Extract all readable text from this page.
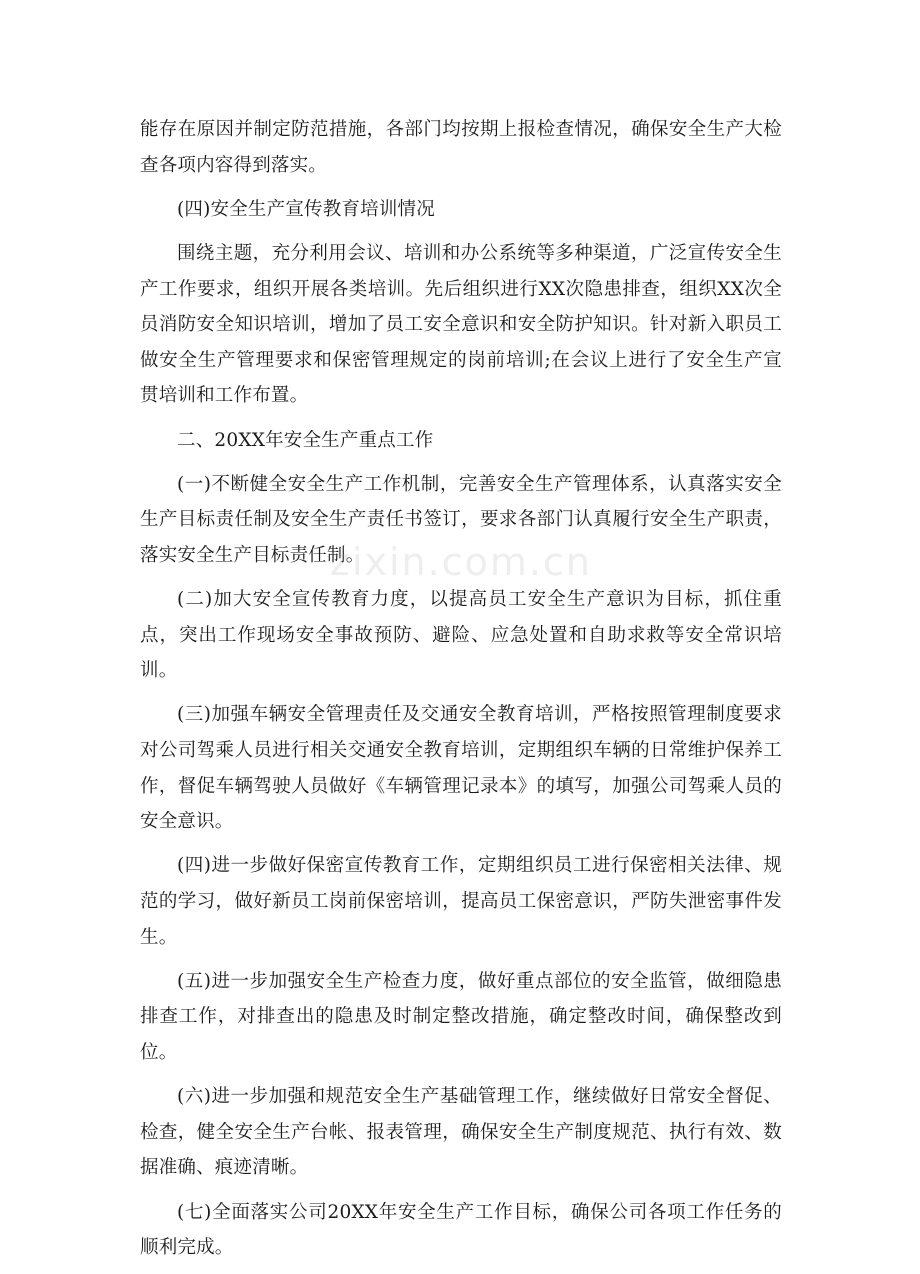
能存在原因并制定防范措施，各部门均按期上报检查情况，确保安全生产大检查各项内容得到落实。

(四)安全生产宣传教育培训情况

围绕主题，充分利用会议、培训和办公系统等多种渠道，广泛宣传安全生产工作要求，组织开展各类培训。先后组织进行XX次隐患排查，组织XX次全员消防安全知识培训，增加了员工安全意识和安全防护知识。针对新入职员工做安全生产管理要求和保密管理规定的岗前培训;在会议上进行了安全生产宣贯培训和工作布置。

二、20XX年安全生产重点工作

(一)不断健全安全生产工作机制，完善安全生产管理体系，认真落实安全生产目标责任制及安全生产责任书签订，要求各部门认真履行安全生产职责，落实安全生产目标责任制。

(二)加大安全宣传教育力度，以提高员工安全生产意识为目标，抓住重点，突出工作现场安全事故预防、避险、应急处置和自助求救等安全常识培训。

(三)加强车辆安全管理责任及交通安全教育培训，严格按照管理制度要求对公司驾乘人员进行相关交通安全教育培训，定期组织车辆的日常维护保养工作，督促车辆驾驶人员做好《车辆管理记录本》的填写，加强公司驾乘人员的安全意识。

(四)进一步做好保密宣传教育工作，定期组织员工进行保密相关法律、规范的学习，做好新员工岗前保密培训，提高员工保密意识，严防失泄密事件发生。

(五)进一步加强安全生产检查力度，做好重点部位的安全监管，做细隐患排查工作，对排查出的隐患及时制定整改措施，确定整改时间，确保整改到位。

(六)进一步加强和规范安全生产基础管理工作，继续做好日常安全督促、检查，健全安全生产台帐、报表管理，确保安全生产制度规范、执行有效、数据准确、痕迹清晰。

(七)全面落实公司20XX年安全生产工作目标，确保公司各项工作任务的顺利完成。

zixin.com.cn
